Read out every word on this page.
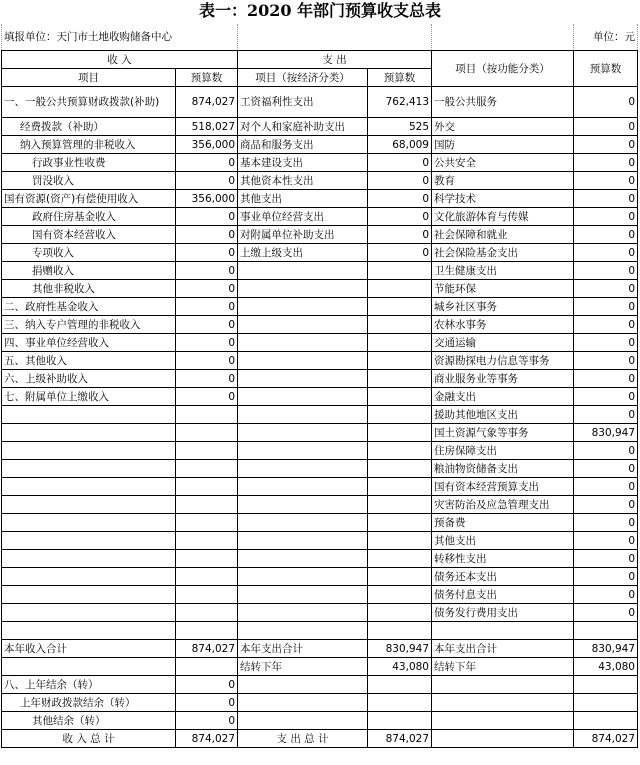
表一：2020 年部门预算收支总表
填报单位：天门市土地收购储备中心					单位：元
收 入		支 出		项目（按功能分类）	预算数
项目	预算数	项目（按经济分类）	预算数		
一、一般公共预算财政拨款(补助)	874,027	工资福利性支出	762,413	一般公共服务	0
经费拨款（补助）	518,027	对个人和家庭补助支出	525	外交	0
纳入预算管理的非税收入	356,000	商品和服务支出	68,009	国防	0
行政事业性收费	0	基本建设支出	0	公共安全	0
罚没收入	0	其他资本性支出	0	教育	0
国有资源(资产)有偿使用收入	356,000	其他支出	0	科学技术	0
政府住房基金收入	0	事业单位经营支出	0	文化旅游体育与传媒	0
国有资本经营收入	0	对附属单位补助支出	0	社会保障和就业	0
专项收入	0	上缴上级支出	0	社会保险基金支出	0
捐赠收入	0			卫生健康支出	0
其他非税收入	0			节能环保	0
二、政府性基金收入	0			城乡社区事务	0
三、纳入专户管理的非税收入	0			农林水事务	0
四、事业单位经营收入	0			交通运输	0
五、其他收入	0			资源勘探电力信息等事务	0
六、上级补助收入	0			商业服务业等事务	0
七、附属单位上缴收入	0			金融支出	0
				援助其他地区支出	0
				国土资源气象等事务	830,947
				住房保障支出	0
				粮油物资储备支出	0
				国有资本经营预算支出	0
				灾害防治及应急管理支出	0
				预备费	0
				其他支出	0
				转移性支出	0
				债务还本支出	0
				债务付息支出	0
				债务发行费用支出	0

本年收入合计	874,027	本年支出合计	830,947	本年支出合计	830,947
		结转下年	43,080	结转下年	43,080
八、上年结余（转）	0				
上年财政拨款结余（转）	0				
其他结余（转）	0				
收 入 总 计	874,027	支 出 总 计	874,027		874,027
